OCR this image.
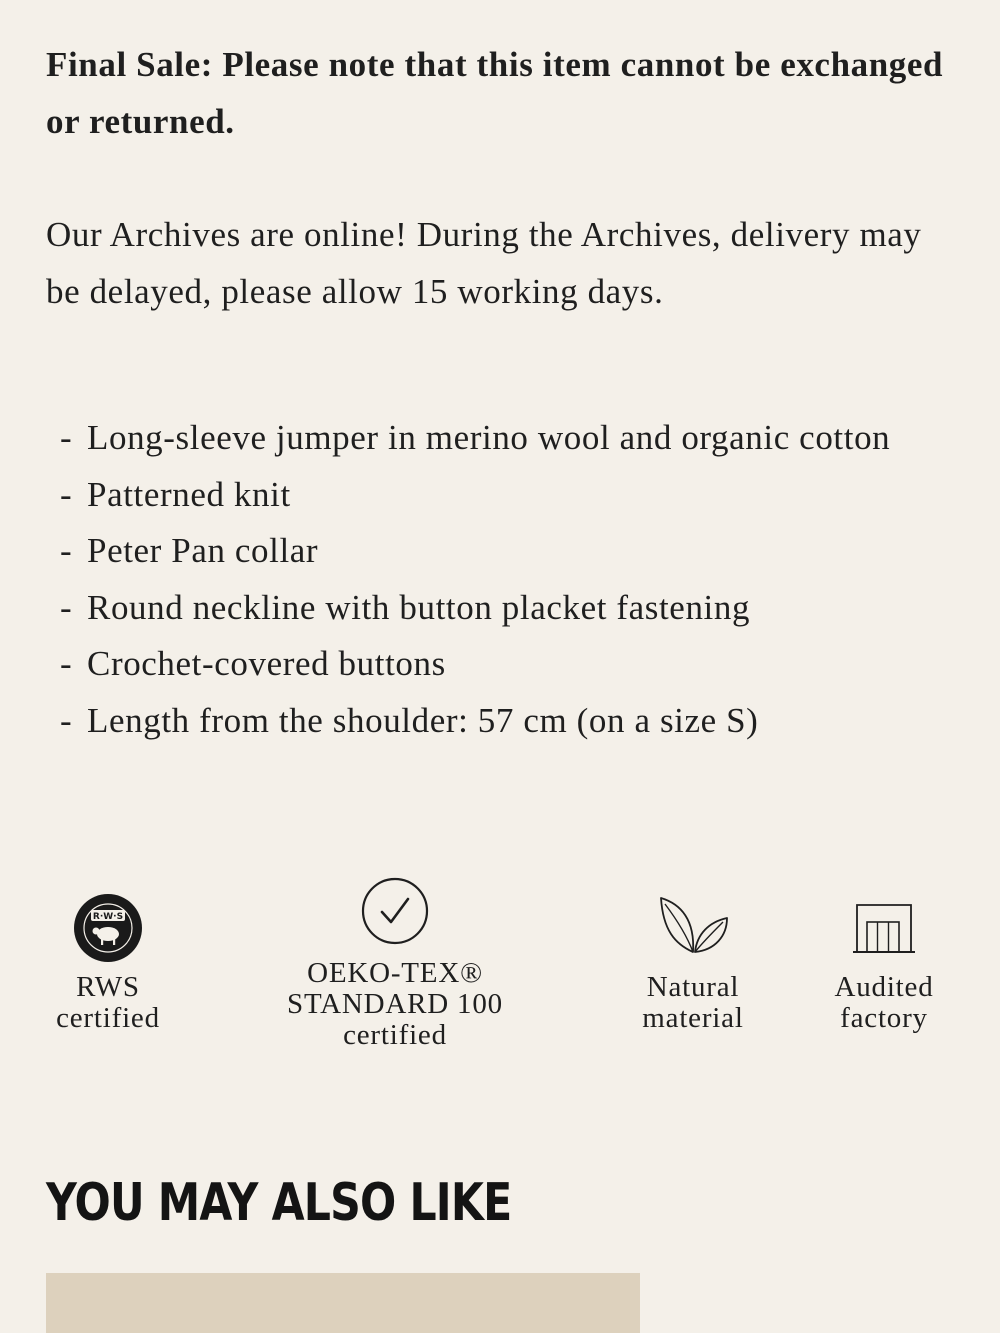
Final Sale: Please note that this item cannot be exchanged or returned.

Our Archives are online! During the Archives, delivery may be delayed, please allow 15 working days.

- Long-sleeve jumper in merino wool and organic cotton
- Patterned knit
- Peter Pan collar
- Round neckline with button placket fastening
- Crochet-covered buttons
- Length from the shoulder: 57 cm (on a size S)
R·W·S
RWS
certified
OEKO-TEX®
STANDARD 100
certified
Natural
material
Audited
factory
YOU MAY ALSO LIKE
